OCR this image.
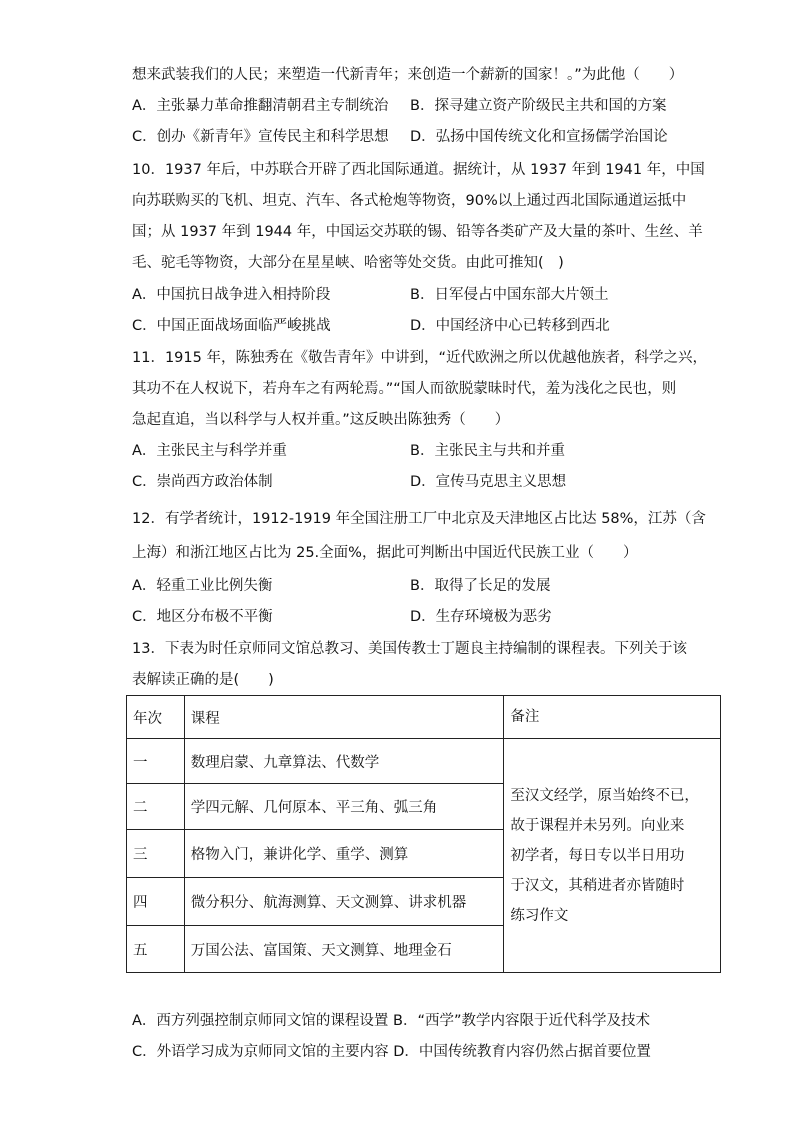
想来武装我们的人民；来塑造一代新青年；来创造一个薪新的国家！。”为此他（　　）
A．主张暴力革命推翻清朝君主专制统治 B．探寻建立资产阶级民主共和国的方案
C．创办《新青年》宣传民主和科学思想 D．弘扬中国传统文化和宣扬儒学治国论
10．1937 年后，中苏联合开辟了西北国际通道。据统计，从 1937 年到 1941 年，中国
向苏联购买的飞机、坦克、汽车、各式枪炮等物资，90%以上通过西北国际通道运抵中
国；从 1937 年到 1944 年，中国运交苏联的锡、铅等各类矿产及大量的茶叶、生丝、羊
毛、驼毛等物资，大部分在星星峡、哈密等处交货。由此可推知(　)
A．中国抗日战争进入相持阶段	B．日军侵占中国东部大片领土
C．中国正面战场面临严峻挑战	D．中国经济中心已转移到西北
11．1915 年，陈独秀在《敬告青年》中讲到，“近代欧洲之所以优越他族者，科学之兴，
其功不在人权说下，若舟车之有两轮焉。”“国人而欲脱蒙昧时代，羞为浅化之民也，则
急起直追，当以科学与人权并重。”这反映出陈独秀（　　）
A．主张民主与科学并重	B．主张民主与共和并重
C．崇尚西方政治体制	D．宣传马克思主义思想
12．有学者统计，1912-1919 年全国注册工厂中北京及天津地区占比达 58%，江苏（含
上海）和浙江地区占比为 25.全面%，据此可判断出中国近代民族工业（　　）
A．轻重工业比例失衡	B．取得了长足的发展
C．地区分布极不平衡	D．生存环境极为恶劣
13．下表为时任京师同文馆总教习、美国传教士丁题良主持编制的课程表。下列关于该
表解读正确的是(　　)
年次	课程	备注
一	数理启蒙、九章算法、代数学	至汉文经学，原当始终不已，
故于课程并未另列。向业来
初学者，每日专以半日用功
于汉文，其稍进者亦皆随时
练习作文

二	学四元解、几何原本、平三角、弧三角	
三	格物入门，兼讲化学、重学、测算	
四	微分积分、航海测算、天文测算、讲求机器	
五	万国公法、富国策、天文测算、地理金石	
A．西方列强控制京师同文馆的课程设置 B．“西学”教学内容限于近代科学及技术
C．外语学习成为京师同文馆的主要内容 D．中国传统教育内容仍然占据首要位置
